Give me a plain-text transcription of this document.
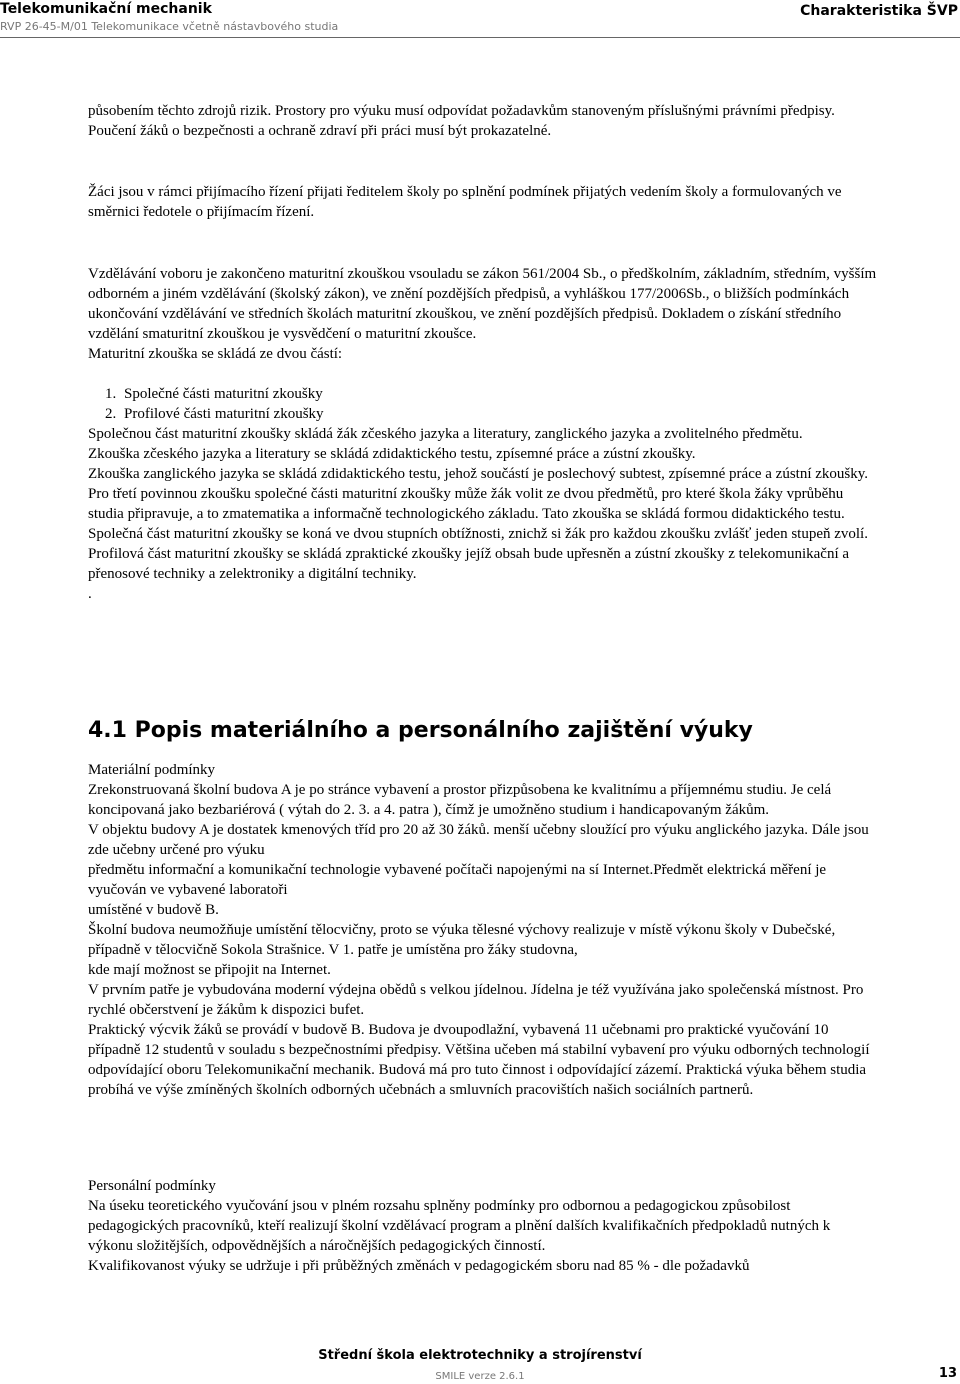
Telekomunikační mechanik
RVP 26-45-M/01 Telekomunikace včetně nástavbového studia
Charakteristika ŠVP

působením těchto zdrojů rizik. Prostory pro výuku musí odpovídat požadavkům stanoveným příslušnými právními předpisy. Poučení žáků o bezpečnosti a ochraně zdraví při práci musí být prokazatelné.

Žáci jsou v rámci přijímacího řízení přijati ředitelem školy po splnění podmínek přijatých vedením školy a formulovaných ve směrnici ředotele o přijímacím řízení.

Vzdělávání voboru je zakončeno maturitní zkouškou vsouladu se zákon 561/2004 Sb., o předškolním, základním, středním, vyšším odborném a jiném vzdělávání (školský zákon), ve znění pozdějších předpisů, a vyhláškou 177/2006Sb., o bližších podmínkách ukončování vzdělávání ve středních školách maturitní zkouškou, ve znění pozdějších předpisů. Dokladem o získání středního vzdělání smaturitní zkouškou je vysvědčení o maturitní zkoušce.

Maturitní zkouška se skládá ze dvou částí:

1. Společné části maturitní zkoušky
2. Profilové části maturitní zkoušky

Společnou část maturitní zkoušky skládá žák zčeského jazyka a literatury, zanglického jazyka a zvolitelného předmětu.

Zkouška zčeského jazyka a literatury se skládá zdidaktického testu, zpísemné práce a zústní zkoušky.

Zkouška zanglického jazyka se skládá zdidaktického testu, jehož součástí je poslechový subtest, zpísemné práce a zústní zkoušky.

Pro třetí povinnou zkoušku společné části maturitní zkoušky může žák volit ze dvou předmětů, pro které škola žáky vprůběhu studia připravuje, a to zmatematika a informačně technologického základu. Tato zkouška se skládá formou didaktického testu.

Společná část maturitní zkoušky se koná ve dvou stupních obtížnosti, znichž si žák pro každou zkoušku zvlášť jeden stupeň zvolí.

Profilová část maturitní zkoušky se skládá zpraktické zkoušky jejíž obsah bude upřesněn a zústní zkoušky z telekomunikační a přenosové techniky a zelektroniky a digitální techniky.

.

4.1 Popis materiálního a personálního zajištění výuky

Materiální podmínky

Zrekonstruovaná školní budova A je po stránce vybavení a prostor přizpůsobena ke kvalitnímu a příjemnému studiu. Je celá koncipovaná jako bezbariérová ( výtah do 2. 3. a 4. patra ), čímž je umožněno studium i handicapovaným žákům.

V objektu budovy A je dostatek kmenových tříd pro 20 až 30 žáků. menší učebny sloužící pro výuku anglického jazyka. Dále jsou zde učebny určené pro výuku

předmětu informační a komunikační technologie vybavené počítači napojenými na sí Internet.Předmět elektrická měření je vyučován ve vybavené laboratoři

umístěné v budově B.

Školní budova neumožňuje umístění tělocvičny, proto se výuka tělesné výchovy realizuje v místě výkonu školy v Dubečské, případně v tělocvičně Sokola Strašnice. V 1. patře je umístěna pro žáky studovna,

kde mají možnost se připojit na Internet.

V prvním patře je vybudována moderní výdejna obědů s velkou jídelnou. Jídelna je též využívána jako společenská místnost. Pro rychlé občerstvení je žákům k dispozici bufet.

Praktický výcvik žáků se provádí v budově B. Budova je dvoupodlažní, vybavená 11 učebnami pro praktické vyučování 10 případně 12 studentů v souladu s bezpečnostními předpisy. Většina učeben má stabilní vybavení pro výuku odborných technologií odpovídající oboru Telekomunikační mechanik. Budová má pro tuto činnost i odpovídající zázemí. Praktická výuka během studia probíhá ve výše zmíněných školních odborných učebnách a smluvních pracovištích našich sociálních partnerů.

Personální podmínky

Na úseku teoretického vyučování jsou v plném rozsahu splněny podmínky pro odbornou a pedagogickou způsobilost pedagogických pracovníků, kteří realizují školní vzdělávací program a plnění dalších kvalifikačních předpokladů nutných k výkonu složitějších, odpovědnějších a náročnějších pedagogických činností.

Kvalifikovanost výuky se udržuje i při průběžných změnách v pedagogickém sboru nad 85 % - dle požadavků

Střední škola elektrotechniky a strojírenství
SMILE verze 2.6.1	13
